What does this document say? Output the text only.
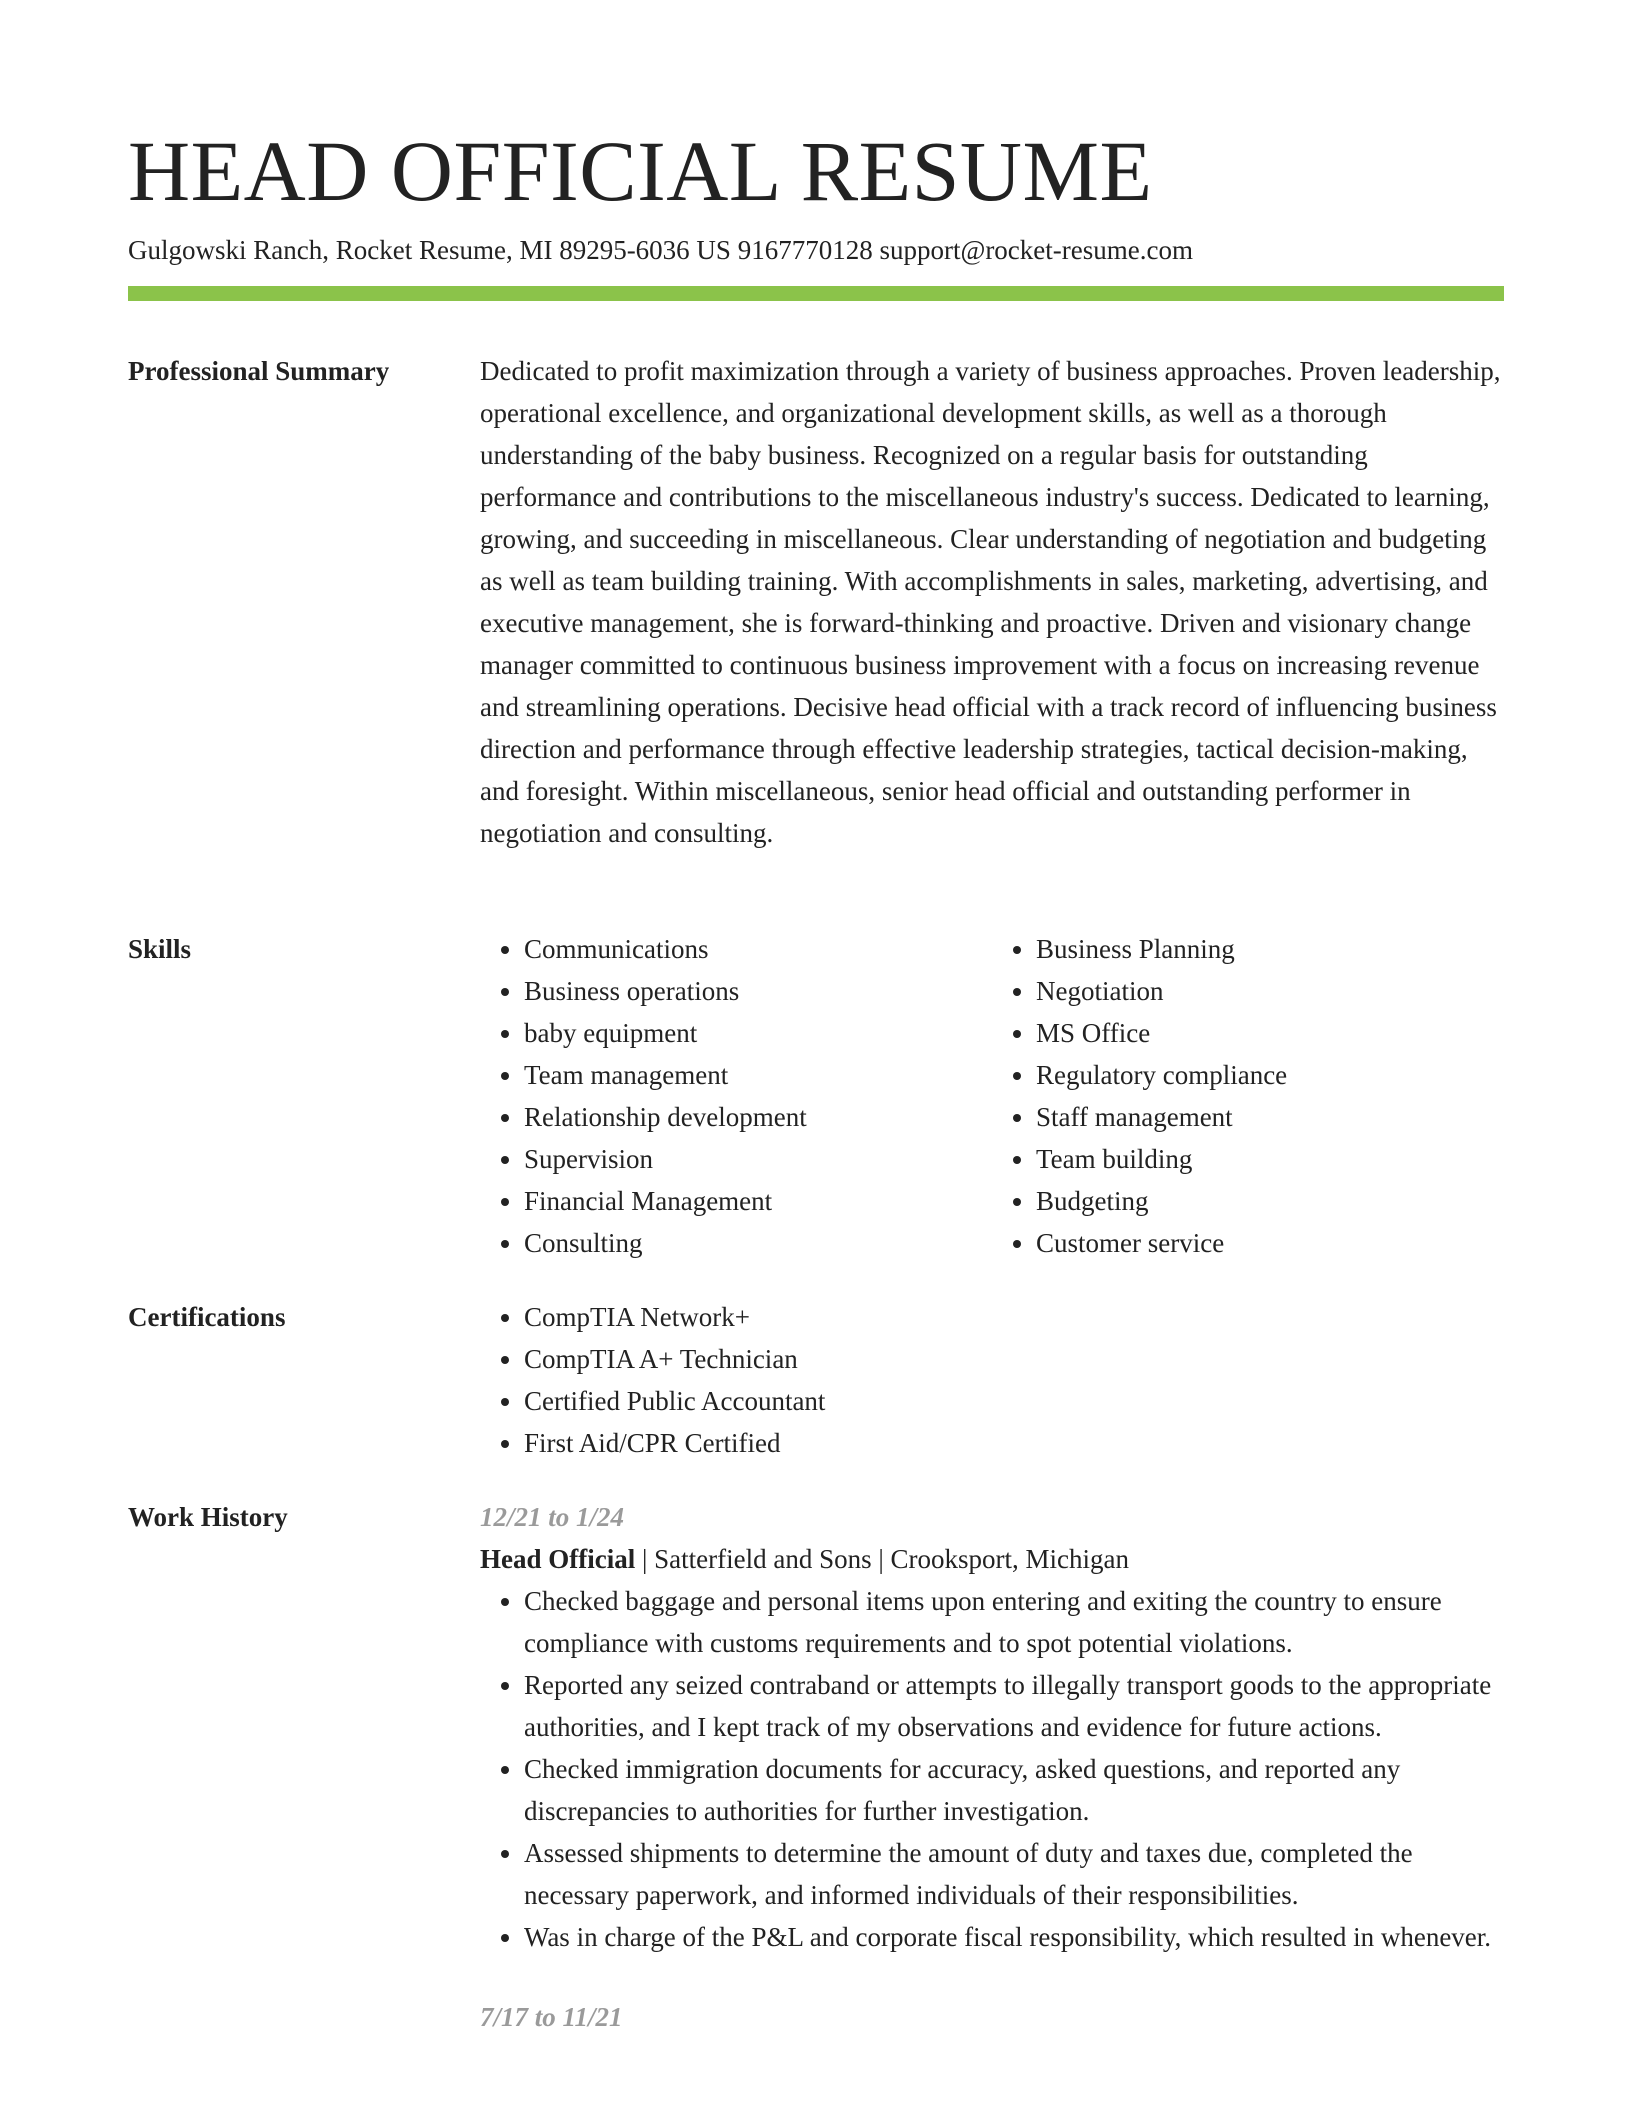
HEAD OFFICIAL RESUME
Gulgowski Ranch, Rocket Resume, MI 89295-6036 US 9167770128 support@rocket-resume.com
Professional Summary	Dedicated to profit maximization through a variety of business approaches. Proven leadership, operational excellence, and organizational development skills, as well as a thorough understanding of the baby business. Recognized on a regular basis for outstanding performance and contributions to the miscellaneous industry's success. Dedicated to learning, growing, and succeeding in miscellaneous. Clear understanding of negotiation and budgeting as well as team building training. With accomplishments in sales, marketing, advertising, and executive management, she is forward-thinking and proactive. Driven and visionary change manager committed to continuous business improvement with a focus on increasing revenue and streamlining operations. Decisive head official with a track record of influencing business direction and performance through effective leadership strategies, tactical decision-making, and foresight. Within miscellaneous, senior head official and outstanding performer in negotiation and consulting.

Skills	• Communications
• Business operations
• baby equipment
• Team management
• Relationship development
• Supervision
• Financial Management
• Consulting
• Business Planning
• Negotiation
• MS Office
• Regulatory compliance
• Staff management
• Team building
• Budgeting
• Customer service
Certifications	• CompTIA Network+
• CompTIA A+ Technician
• Certified Public Accountant
• First Aid/CPR Certified
Work History	12/21 to 1/24
Head Official | Satterfield and Sons | Crooksport, Michigan
• Checked baggage and personal items upon entering and exiting the country to ensure compliance with customs requirements and to spot potential violations.
• Reported any seized contraband or attempts to illegally transport goods to the appropriate authorities, and I kept track of my observations and evidence for future actions.
• Checked immigration documents for accuracy, asked questions, and reported any discrepancies to authorities for further investigation.
• Assessed shipments to determine the amount of duty and taxes due, completed the necessary paperwork, and informed individuals of their responsibilities.
• Was in charge of the P&L and corporate fiscal responsibility, which resulted in whenever.
7/17 to 11/21
